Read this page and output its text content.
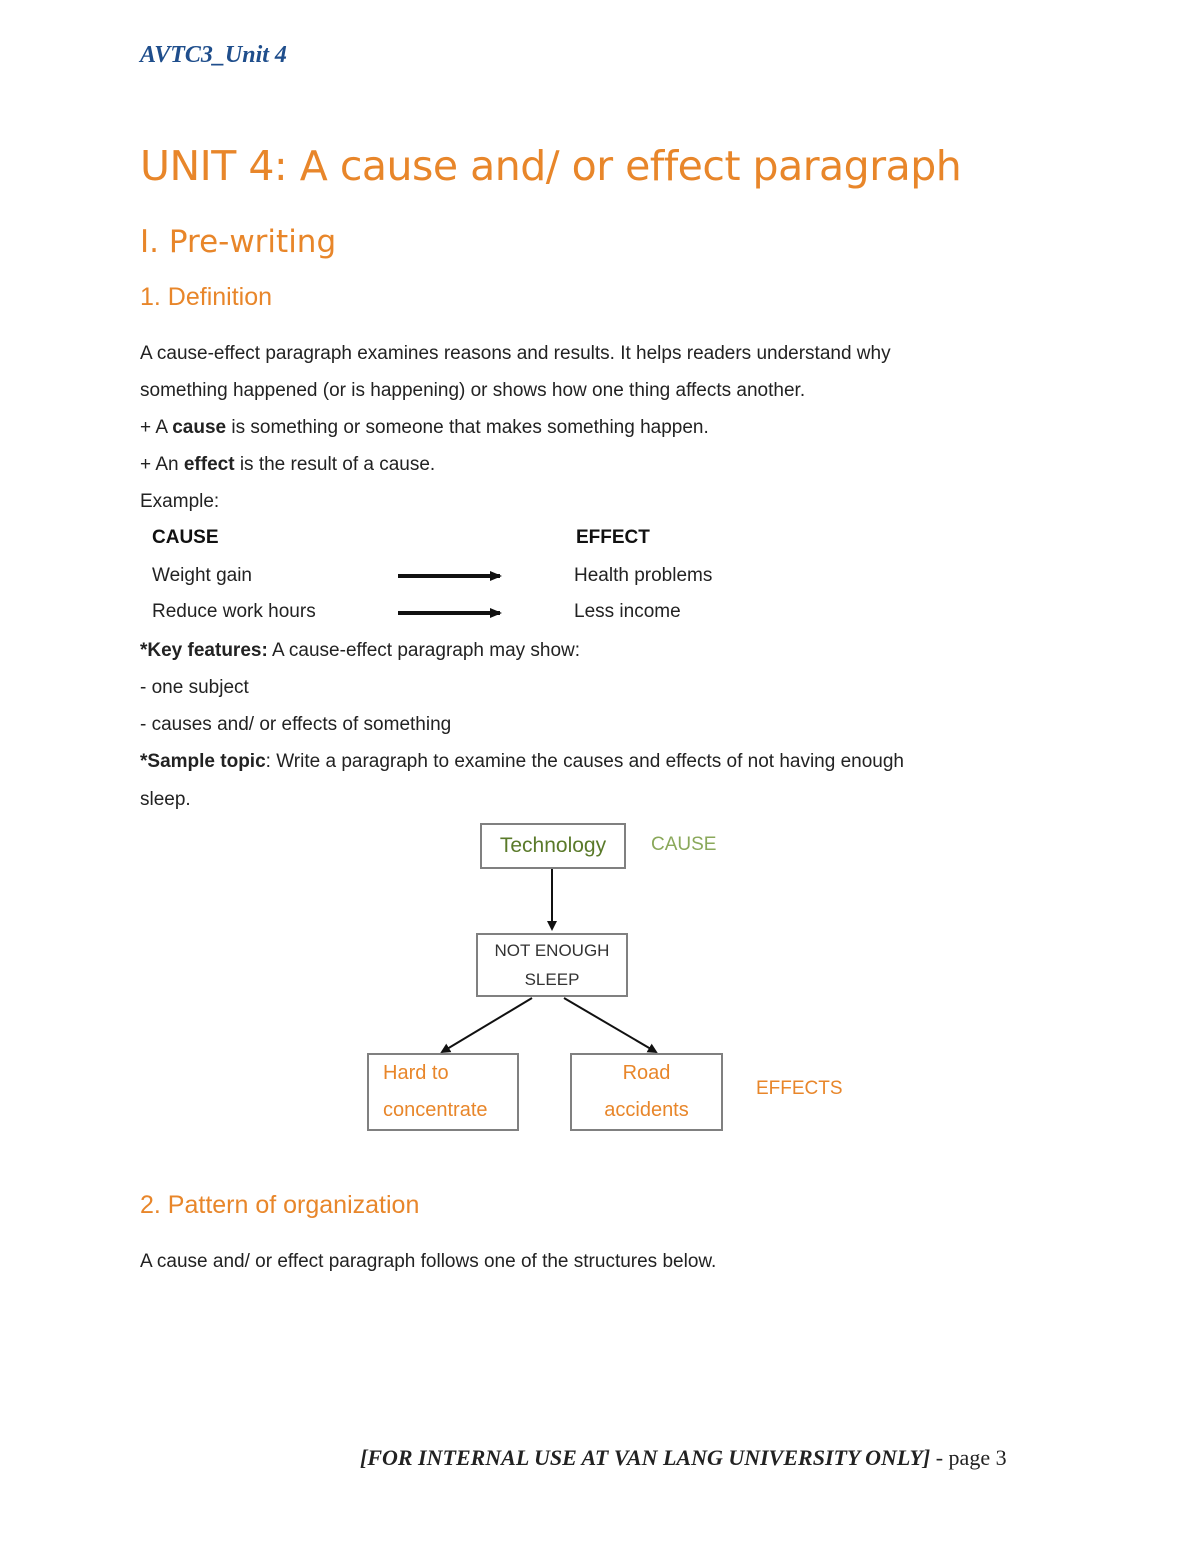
AVTC3_Unit 4
UNIT 4: A cause and/ or effect paragraph
I. Pre-writing
1. Definition
A cause-effect paragraph examines reasons and results. It helps readers understand why
something happened (or is happening) or shows how one thing affects another.
+ A cause is something or someone that makes something happen.
+ An effect is the result of a cause.
Example:
CAUSE	EFFECT
Weight gain	Health problems
Reduce work hours	Less income
*Key features: A cause-effect paragraph may show:
- one subject
- causes and/ or effects of something
*Sample topic: Write a paragraph to examine the causes and effects of not having enough
sleep.
Technology CAUSE
NOT ENOUGH
SLEEP
Hard to
concentrate
Road
accidents
EFFECTS
2. Pattern of organization
A cause and/ or effect paragraph follows one of the structures below.
[FOR INTERNAL USE AT VAN LANG UNIVERSITY ONLY] - page 3
